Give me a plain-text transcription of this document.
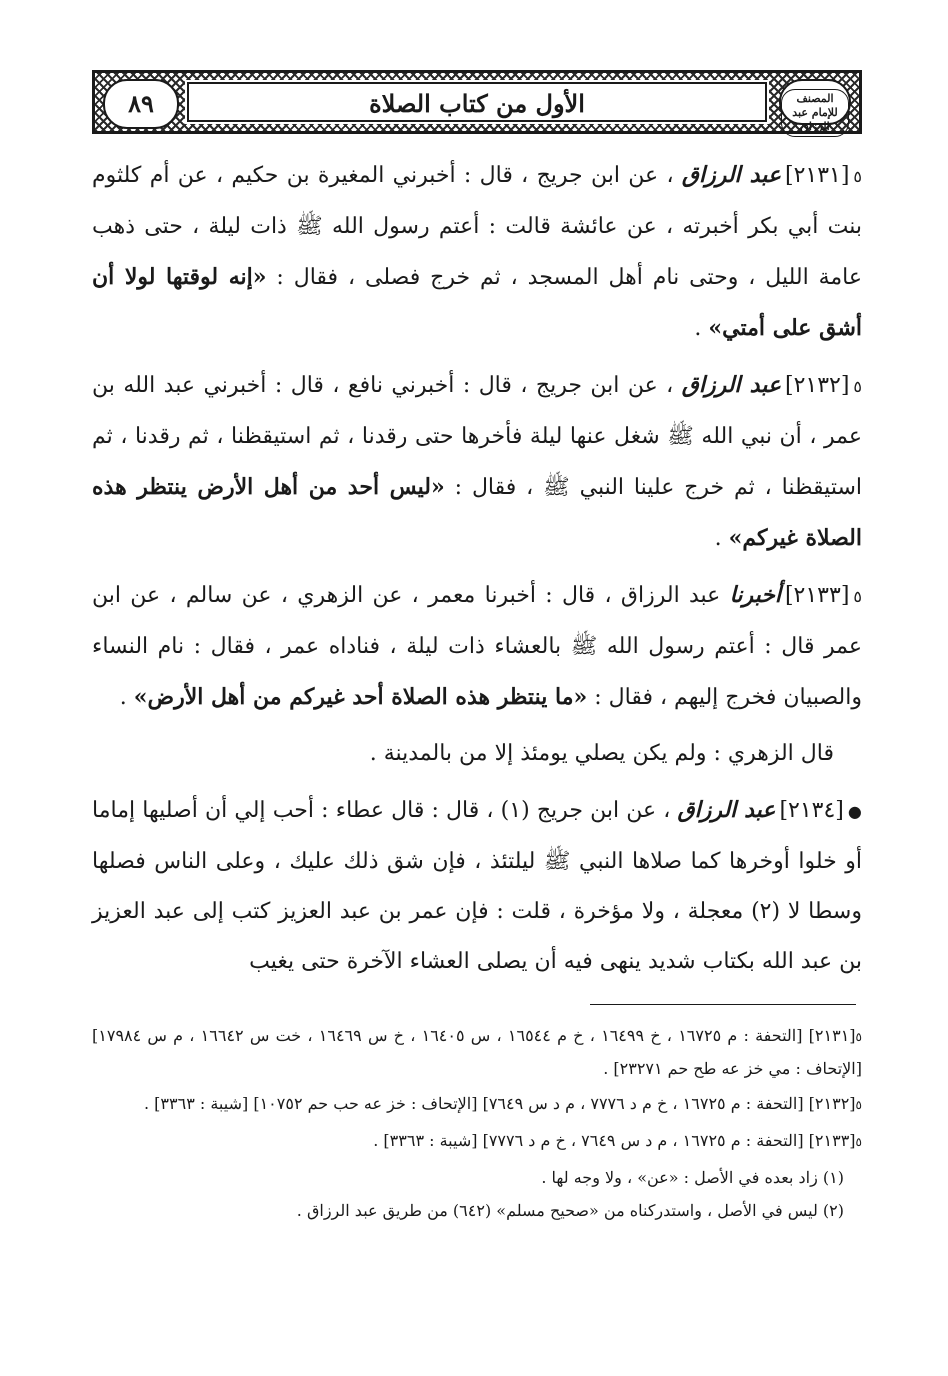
الأول من كتاب الصلاة
٨٩	المصنف للإمام عبد الرزاق

٥[٢١٣١]عبد الرزاق ، عن ابن جريج ، قال : أخبرني المغيرة بن حكيم ، عن أم كلثوم بنت أبي بكر أخبرته ، عن عائشة قالت : أعتم رسول الله ﷺ ذات ليلة ، حتى ذهب عامة الليل ، وحتى نام أهل المسجد ، ثم خرج فصلى ، فقال : «إنه لوقتها لولا أن أشق على أمتي» .

٥[٢١٣٢]عبد الرزاق ، عن ابن جريج ، قال : أخبرني نافع ، قال : أخبرني عبد الله بن عمر ، أن نبي الله ﷺ شغل عنها ليلة فأخرها حتى رقدنا ، ثم استيقظنا ، ثم رقدنا ، ثم استيقظنا ، ثم خرج علينا النبي ﷺ ، فقال : «ليس أحد من أهل الأرض ينتظر هذه الصلاة غيركم» .

٥[٢١٣٣]أخبرنا عبد الرزاق ، قال : أخبرنا معمر ، عن الزهري ، عن سالم ، عن ابن عمر قال : أعتم رسول الله ﷺ بالعشاء ذات ليلة ، فناداه عمر ، فقال : نام النساء والصبيان فخرج إليهم ، فقال : «ما ينتظر هذه الصلاة أحد غيركم من أهل الأرض» .

قال الزهري : ولم يكن يصلي يومئذ إلا من بالمدينة .

●[٢١٣٤]عبد الرزاق ، عن ابن جريج (١) ، قال : قال عطاء : أحب إلي أن أصليها إماما أو خلوا أوخرها كما صلاها النبي ﷺ ليلتئذ ، فإن شق ذلك عليك ، وعلى الناس فصلها وسطا لا (٢) معجلة ، ولا مؤخرة ، قلت : فإن عمر بن عبد العزيز كتب إلى عبد العزيز بن عبد الله بكتاب شديد ينهى فيه أن يصلى العشاء الآخرة حتى يغيب

٥[٢١٣١] [التحفة : م ١٦٧٢٥ ، خ ١٦٤٩٩ ، خ م ١٦٥٤٤ ، س ١٦٤٠٥ ، خ س ١٦٤٦٩ ، خت س ١٦٦٤٢ ، م س ١٧٩٨٤] [الإتحاف : مي خز عه طح حم ٢٣٢٧١] .

٥[٢١٣٢] [التحفة : م ١٦٧٢٥ ، خ م د ٧٧٧٦ ، م د س ٧٦٤٩] [الإتحاف : خز عه حب حم ١٠٧٥٢] [شيبة : ٣٣٦٣] .

٥[٢١٣٣] [التحفة : م ١٦٧٢٥ ، م د س ٧٦٤٩ ، خ م د ٧٧٧٦] [شيبة : ٣٣٦٣] .

(١) زاد بعده في الأصل : «عن» ، ولا وجه لها .

(٢) ليس في الأصل ، واستدركناه من «صحيح مسلم» (٦٤٢) من طريق عبد الرزاق .
